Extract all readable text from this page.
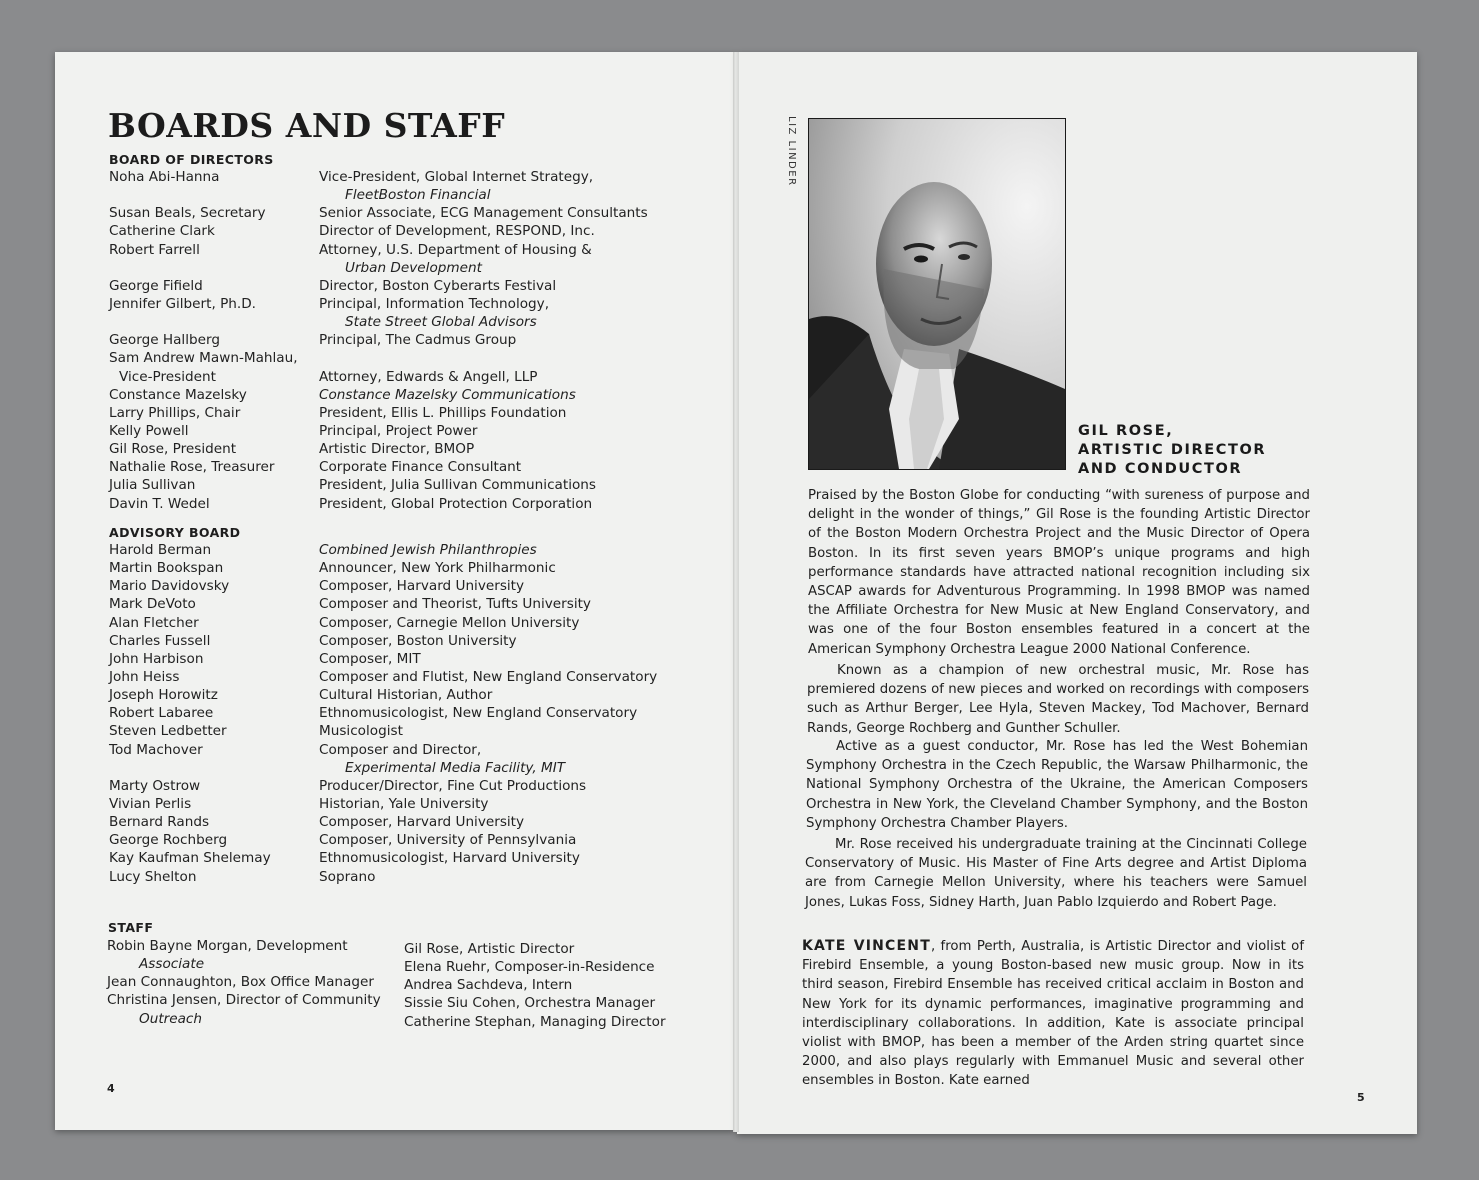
BOARDS AND STAFF
BOARD OF DIRECTORS
Noha Abi-Hanna
Susan Beals, Secretary
Catherine Clark
Robert Farrell
George Fifield
Jennifer Gilbert, Ph.D.
George Hallberg
Sam Andrew Mawn-Mahlau,
Vice-President
Constance Mazelsky
Larry Phillips, Chair
Kelly Powell
Gil Rose, President
Nathalie Rose, Treasurer
Julia Sullivan
Davin T. Wedel
Vice-President, Global Internet Strategy,
FleetBoston Financial
Senior Associate, ECG Management Consultants
Director of Development, RESPOND, Inc.
Attorney, U.S. Department of Housing &
Urban Development
Director, Boston Cyberarts Festival
Principal, Information Technology,
State Street Global Advisors
Principal, The Cadmus Group
Attorney, Edwards & Angell, LLP
Constance Mazelsky Communications
President, Ellis L. Phillips Foundation
Principal, Project Power
Artistic Director, BMOP
Corporate Finance Consultant
President, Julia Sullivan Communications
President, Global Protection Corporation
ADVISORY BOARD
Harold Berman
Martin Bookspan
Mario Davidovsky
Mark DeVoto
Alan Fletcher
Charles Fussell
John Harbison
John Heiss
Joseph Horowitz
Robert Labaree
Steven Ledbetter
Tod Machover
Marty Ostrow
Vivian Perlis
Bernard Rands
George Rochberg
Kay Kaufman Shelemay
Lucy Shelton
Combined Jewish Philanthropies
Announcer, New York Philharmonic
Composer, Harvard University
Composer and Theorist, Tufts University
Composer, Carnegie Mellon University
Composer, Boston University
Composer, MIT
Composer and Flutist, New England Conservatory
Cultural Historian, Author
Ethnomusicologist, New England Conservatory
Musicologist
Composer and Director,
Experimental Media Facility, MIT
Producer/Director, Fine Cut Productions
Historian, Yale University
Composer, Harvard University
Composer, University of Pennsylvania
Ethnomusicologist, Harvard University
Soprano
STAFF
Robin Bayne Morgan, Development
Associate
Jean Connaughton, Box Office Manager
Christina Jensen, Director of Community
Outreach
Gil Rose, Artistic Director
Elena Ruehr, Composer-in-Residence
Andrea Sachdeva, Intern
Sissie Siu Cohen, Orchestra Manager
Catherine Stephan, Managing Director
4
LIZ LINDER
GIL ROSE,
ARTISTIC DIRECTOR
AND CONDUCTOR

Praised by the Boston Globe for conducting “with sureness of purpose and delight in the wonder of things,” Gil Rose is the founding Artistic Director of the Boston Modern Orchestra Project and the Music Director of Opera Boston. In its first seven years BMOP’s unique programs and high performance standards have attracted national recognition including six ASCAP awards for Adventurous Programming. In 1998 BMOP was named the Affiliate Orchestra for New Music at New England Conservatory, and was one of the four Boston ensembles featured in a concert at the American Symphony Orchestra League 2000 National Conference.

Known as a champion of new orchestral music, Mr. Rose has premiered dozens of new pieces and worked on recordings with composers such as Arthur Berger, Lee Hyla, Steven Mackey, Tod Machover, Bernard Rands, George Rochberg and Gunther Schuller.

Active as a guest conductor, Mr. Rose has led the West Bohemian Symphony Orchestra in the Czech Republic, the Warsaw Philharmonic, the National Symphony Orchestra of the Ukraine, the American Composers Orchestra in New York, the Cleveland Chamber Symphony, and the Boston Symphony Orchestra Chamber Players.

Mr. Rose received his undergraduate training at the Cincinnati College Conservatory of Music. His Master of Fine Arts degree and Artist Diploma are from Carnegie Mellon University, where his teachers were Samuel Jones, Lukas Foss, Sidney Harth, Juan Pablo Izquierdo and Robert Page.

KATE VINCENT, from Perth, Australia, is Artistic Director and violist of Firebird Ensemble, a young Boston-based new music group. Now in its third season, Firebird Ensemble has received critical acclaim in Boston and New York for its dynamic performances, imaginative programming and interdisciplinary collaborations. In addition, Kate is associate principal violist with BMOP, has been a member of the Arden string quartet since 2000, and also plays regularly with Emmanuel Music and several other ensembles in Boston. Kate earned

5
